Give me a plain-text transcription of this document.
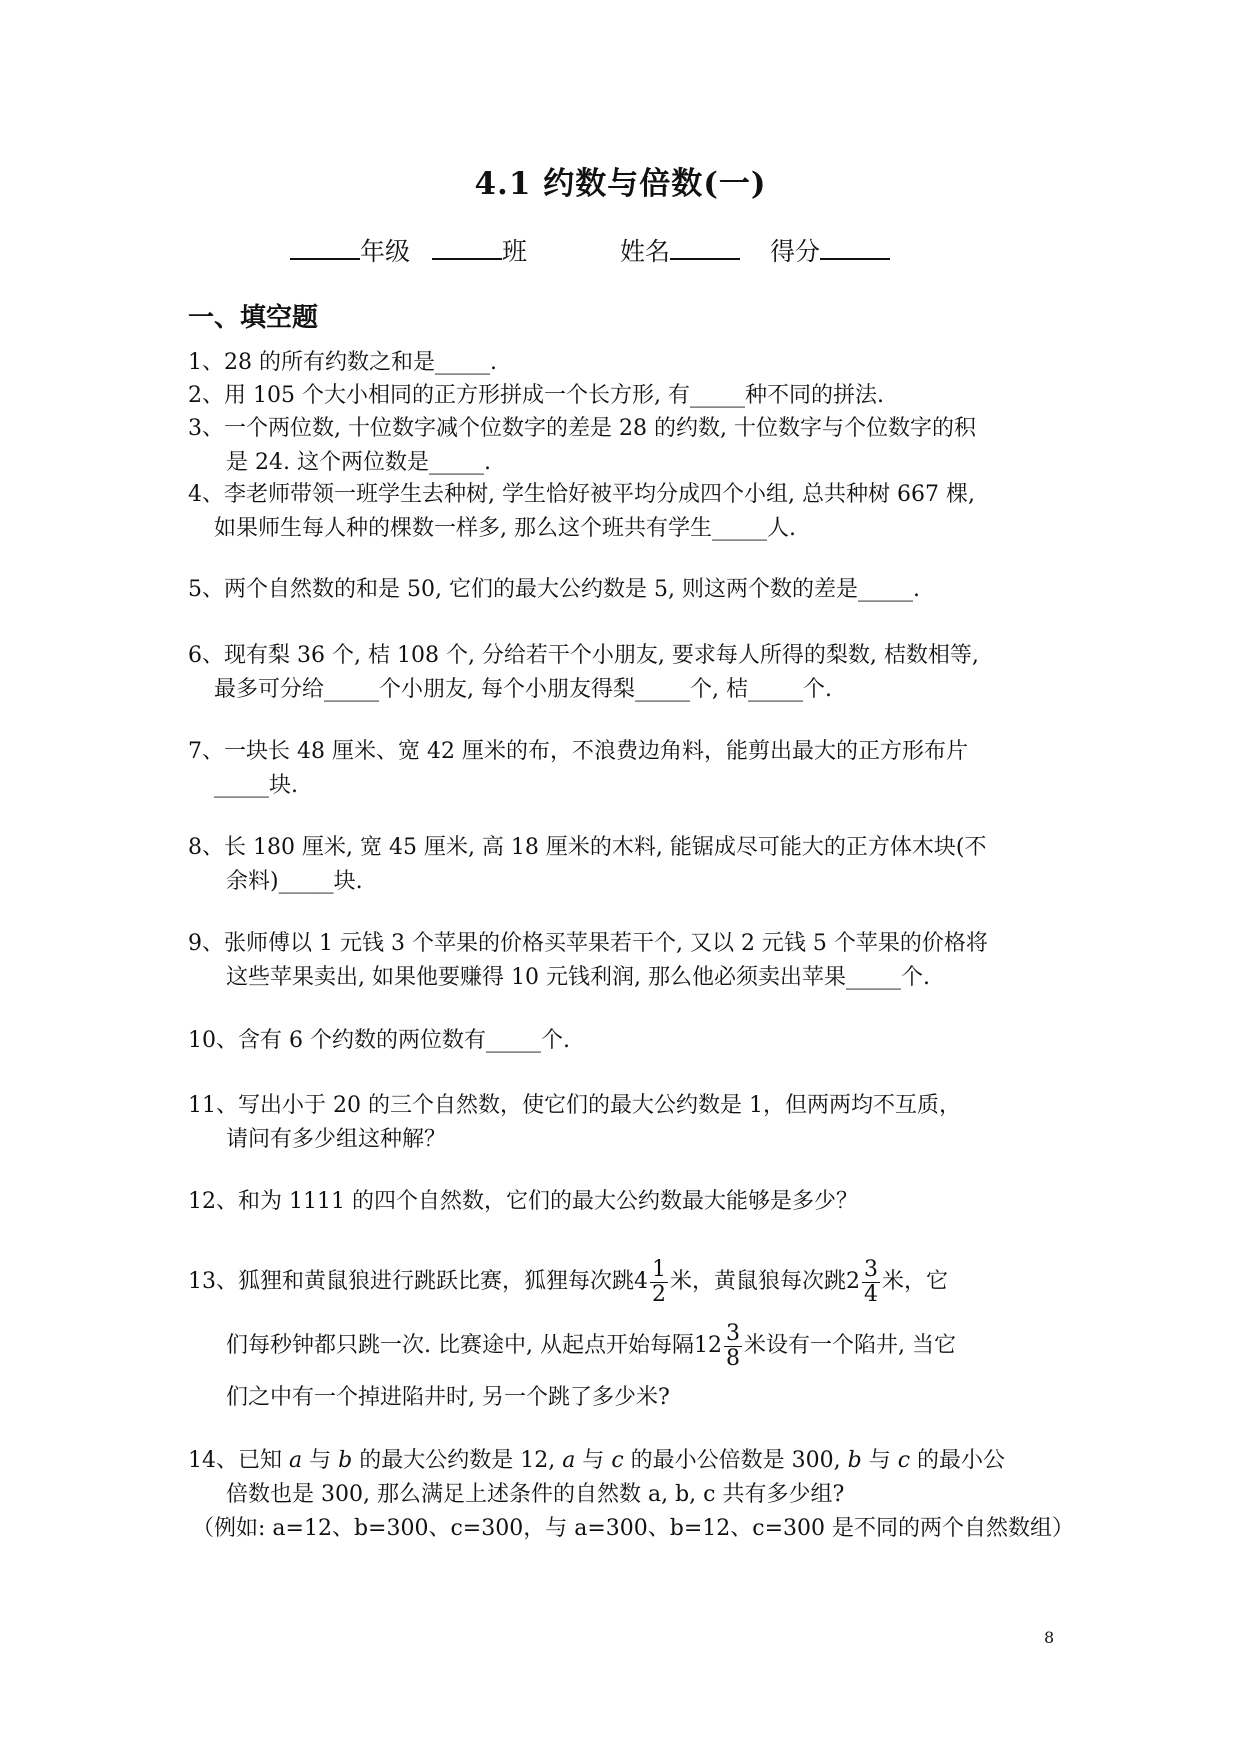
4.1 约数与倍数(一)
年级	班	姓名	得分
一、填空题
1、28 的所有约数之和是_____.
2、用 105 个大小相同的正方形拼成一个长方形, 有_____种不同的拼法.
3、一个两位数, 十位数字减个位数字的差是 28 的约数, 十位数字与个位数字的积
是 24. 这个两位数是_____.
4、李老师带领一班学生去种树, 学生恰好被平均分成四个小组, 总共种树 667 棵,
如果师生每人种的棵数一样多, 那么这个班共有学生_____人.
5、两个自然数的和是 50, 它们的最大公约数是 5, 则这两个数的差是_____.
6、现有梨 36 个, 桔 108 个, 分给若干个小朋友, 要求每人所得的梨数, 桔数相等,
最多可分给_____个小朋友, 每个小朋友得梨_____个, 桔_____个.
7、一块长 48 厘米、宽 42 厘米的布，不浪费边角料，能剪出最大的正方形布片
_____块.
8、长 180 厘米, 宽 45 厘米, 高 18 厘米的木料, 能锯成尽可能大的正方体木块(不
余料)_____块.
9、张师傅以 1 元钱 3 个苹果的价格买苹果若干个, 又以 2 元钱 5 个苹果的价格将
这些苹果卖出, 如果他要赚得 10 元钱利润, 那么他必须卖出苹果_____个.
10、含有 6 个约数的两位数有_____个.
11、写出小于 20 的三个自然数，使它们的最大公约数是 1，但两两均不互质，
请问有多少组这种解？
12、和为 1111 的四个自然数，它们的最大公约数最大能够是多少？
13、狐狸和黄鼠狼进行跳跃比赛，狐狸每次跳$4 \frac{1}{2}$ 米，黄鼠狼每次跳$2 \frac{3}{4}$ 米，它
们每秒钟都只跳一次. 比赛途中, 从起点开始每隔$12 \frac{3}{8}$ 米设有一个陷井, 当它
们之中有一个掉进陷井时, 另一个跳了多少米?
14、已知 a 与 b 的最大公约数是 12, a 与 c 的最小公倍数是 300, b 与 c 的最小公
倍数也是 300, 那么满足上述条件的自然数 a, b, c 共有多少组?
（例如: a=12、b=300、c=300，与 a=300、b=12、c=300 是不同的两个自然数组）
8
